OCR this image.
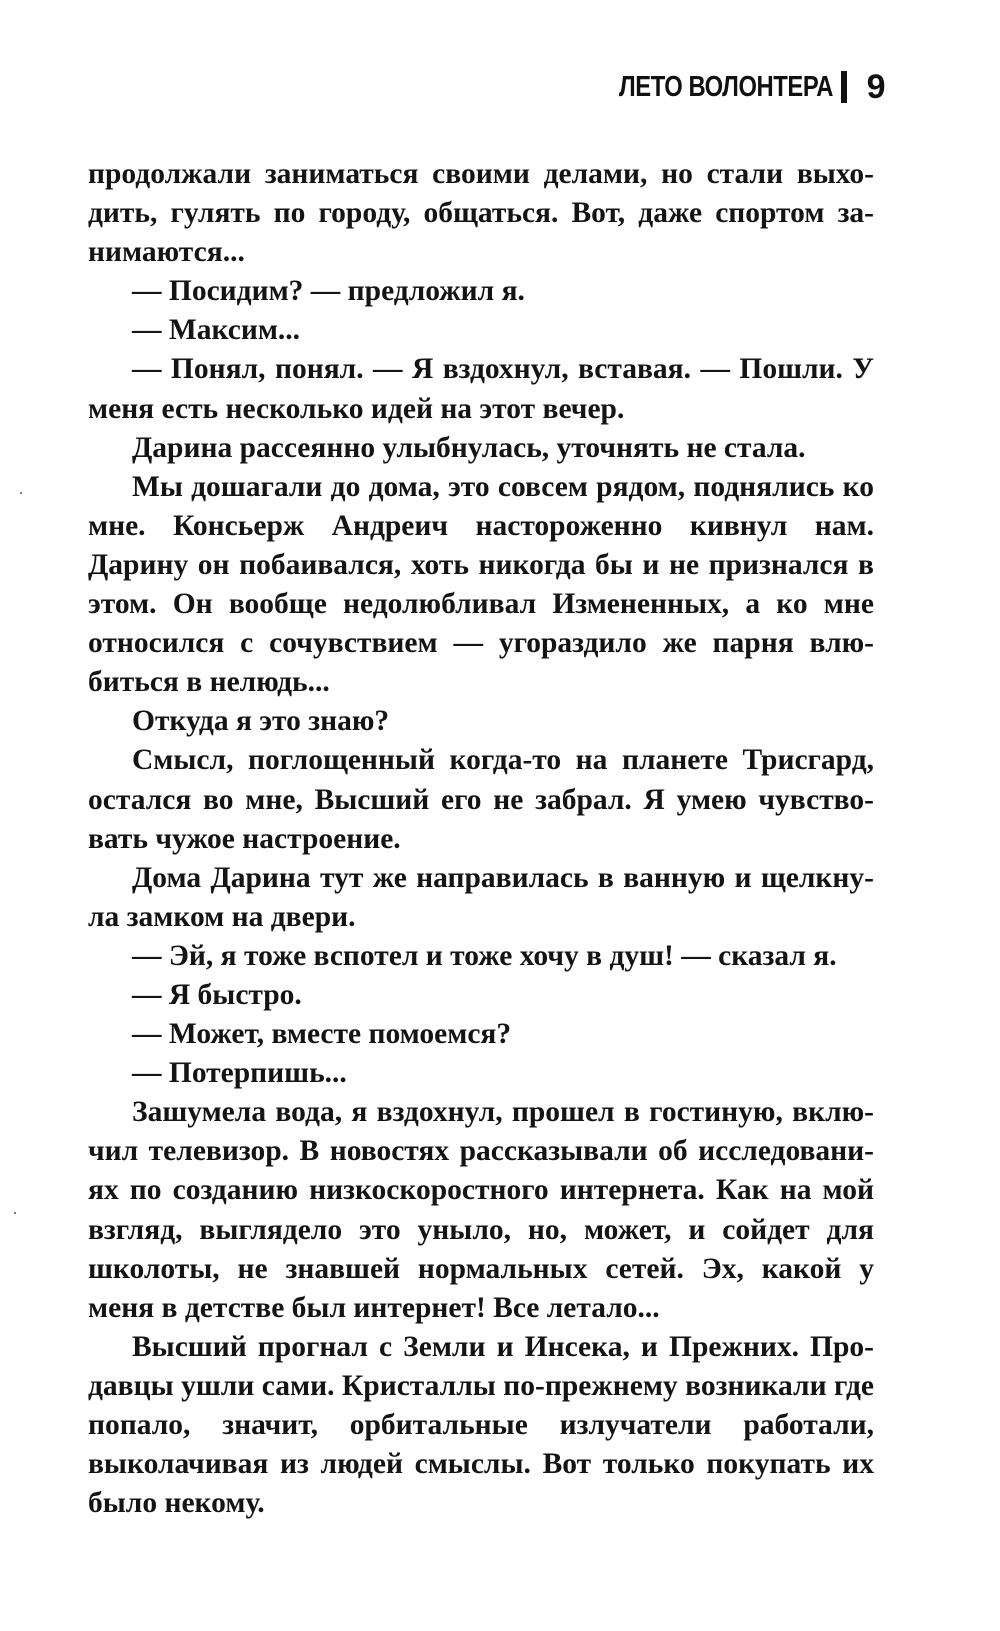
ЛЕТО ВОЛОНТЕРА 9

продолжали заниматься своими делами, но стали выходить, гулять по городу, общаться. Вот, даже спортом занимаются...

— Посидим? — предложил я.

— Максим...

— Понял, понял. — Я вздохнул, вставая. — Пошли. У меня есть несколько идей на этот вечер.

Дарина рассеянно улыбнулась, уточнять не стала.

Мы дошагали до дома, это совсем рядом, поднялись ко мне. Консьерж Андреич настороженно кивнул нам. Дарину он побаивался, хоть никогда бы и не признался в этом. Он вообще недолюбливал Измененных, а ко мне относился с сочувствием — угораздило же парня влюбиться в нелюдь...

Откуда я это знаю?

Смысл, поглощенный когда-то на планете Трисгард, остался во мне, Высший его не забрал. Я умею чувствовать чужое настроение.

Дома Дарина тут же направилась в ванную и щелкнула замком на двери.

— Эй, я тоже вспотел и тоже хочу в душ! — сказал я.

— Я быстро.

— Может, вместе помоемся?

— Потерпишь...

Зашумела вода, я вздохнул, прошел в гостиную, включил телевизор. В новостях рассказывали об исследованиях по созданию низкоскоростного интернета. Как на мой взгляд, выглядело это уныло, но, может, и сойдет для школоты, не знавшей нормальных сетей. Эх, какой у меня в детстве был интернет! Все летало...

Высший прогнал с Земли и Инсека, и Прежних. Продавцы ушли сами. Кристаллы по-прежнему возникали где попало, значит, орбитальные излучатели работали, выколачивая из людей смыслы. Вот только покупать их было некому.
